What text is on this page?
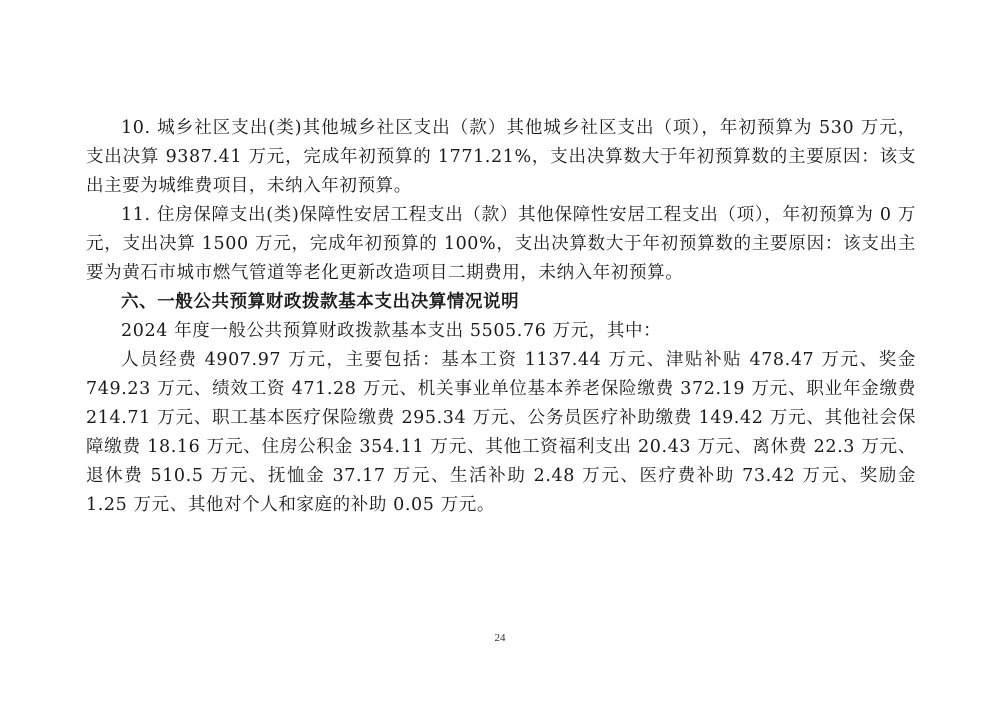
10. 城乡社区支出(类)其他城乡社区支出（款）其他城乡社区支出（项），年初预算为 530 万元，支出决算 9387.41 万元，完成年初预算的 1771.21%，支出决算数大于年初预算数的主要原因：该支出主要为城维费项目，未纳入年初预算。

11. 住房保障支出(类)保障性安居工程支出（款）其他保障性安居工程支出（项），年初预算为 0 万元，支出决算 1500 万元，完成年初预算的 100%，支出决算数大于年初预算数的主要原因：该支出主要为黄石市城市燃气管道等老化更新改造项目二期费用，未纳入年初预算。

六、一般公共预算财政拨款基本支出决算情况说明

2024 年度一般公共预算财政拨款基本支出 5505.76 万元，其中：

人员经费 4907.97 万元，主要包括：基本工资 1137.44 万元、津贴补贴 478.47 万元、奖金 749.23 万元、绩效工资 471.28 万元、机关事业单位基本养老保险缴费 372.19 万元、职业年金缴费 214.71 万元、职工基本医疗保险缴费 295.34 万元、公务员医疗补助缴费 149.42 万元、其他社会保障缴费 18.16 万元、住房公积金 354.11 万元、其他工资福利支出 20.43 万元、离休费 22.3 万元、退休费 510.5 万元、抚恤金 37.17 万元、生活补助 2.48 万元、医疗费补助 73.42 万元、奖励金 1.25 万元、其他对个人和家庭的补助 0.05 万元。

24
